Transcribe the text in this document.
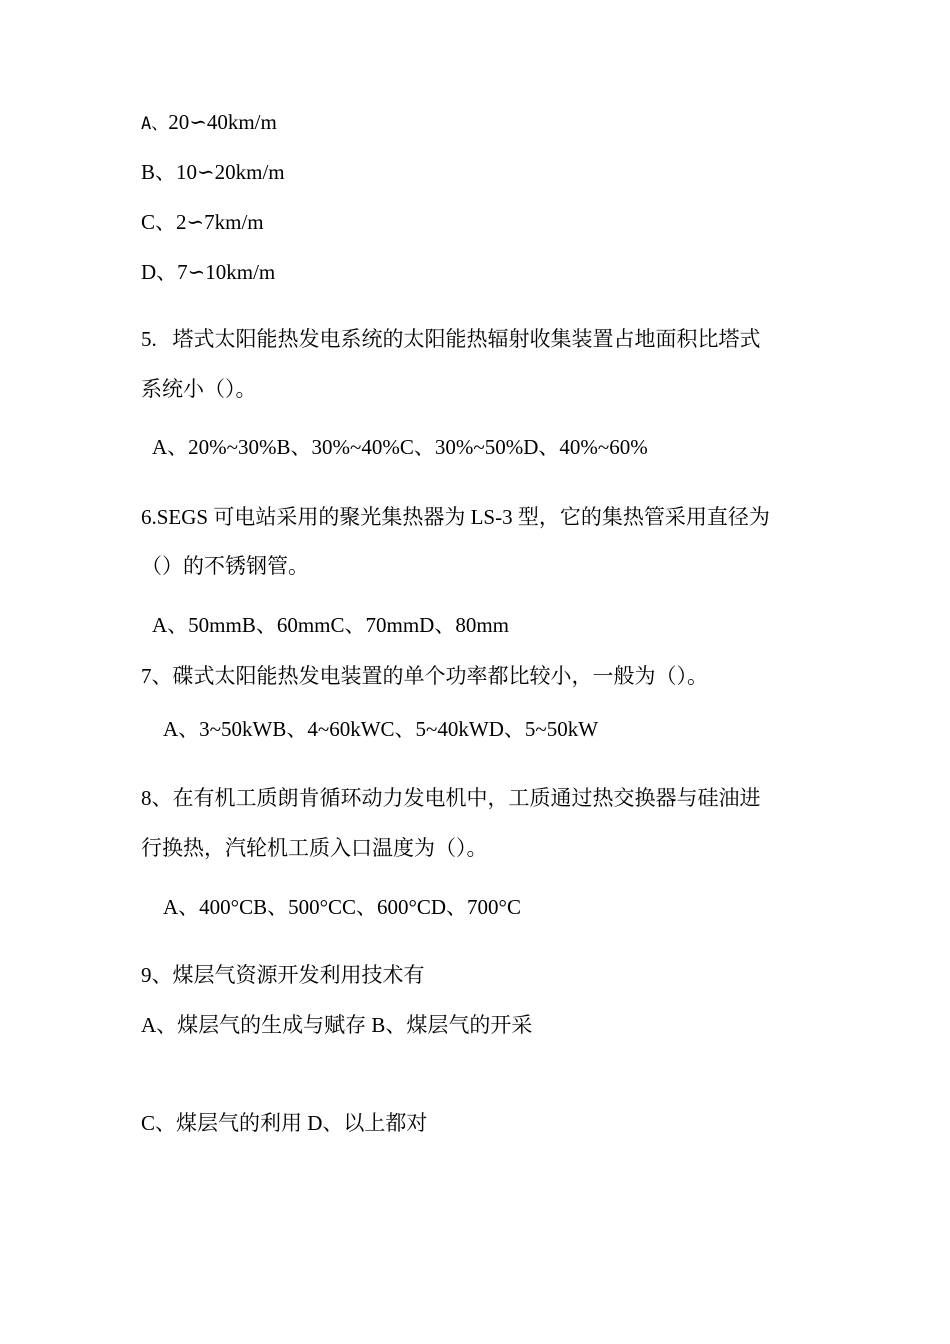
A、20∽40km/m
B、10∽20km/m
C、2∽7km/m
D、7∽10km/m
5.   塔式太阳能热发电系统的太阳能热辐射收集装置占地面积比塔式
系统小（）。
A、20%~30%B、30%~40%C、30%~50%D、40%~60%
6.SEGS 可电站采用的聚光集热器为 LS-3 型，它的集热管采用直径为
（）的不锈钢管。
A、50mmB、60mmC、70mmD、80mm
7、碟式太阳能热发电装置的单个功率都比较小，一般为（）。
A、3~50kWB、4~60kWC、5~40kWD、5~50kW
8、在有机工质朗肯循环动力发电机中，工质通过热交换器与硅油进
行换热，汽轮机工质入口温度为（）。
A、400°CB、500°CC、600°CD、700°C
9、煤层气资源开发利用技术有
A、煤层气的生成与赋存 B、煤层气的开采
C、煤层气的利用 D、以上都对
